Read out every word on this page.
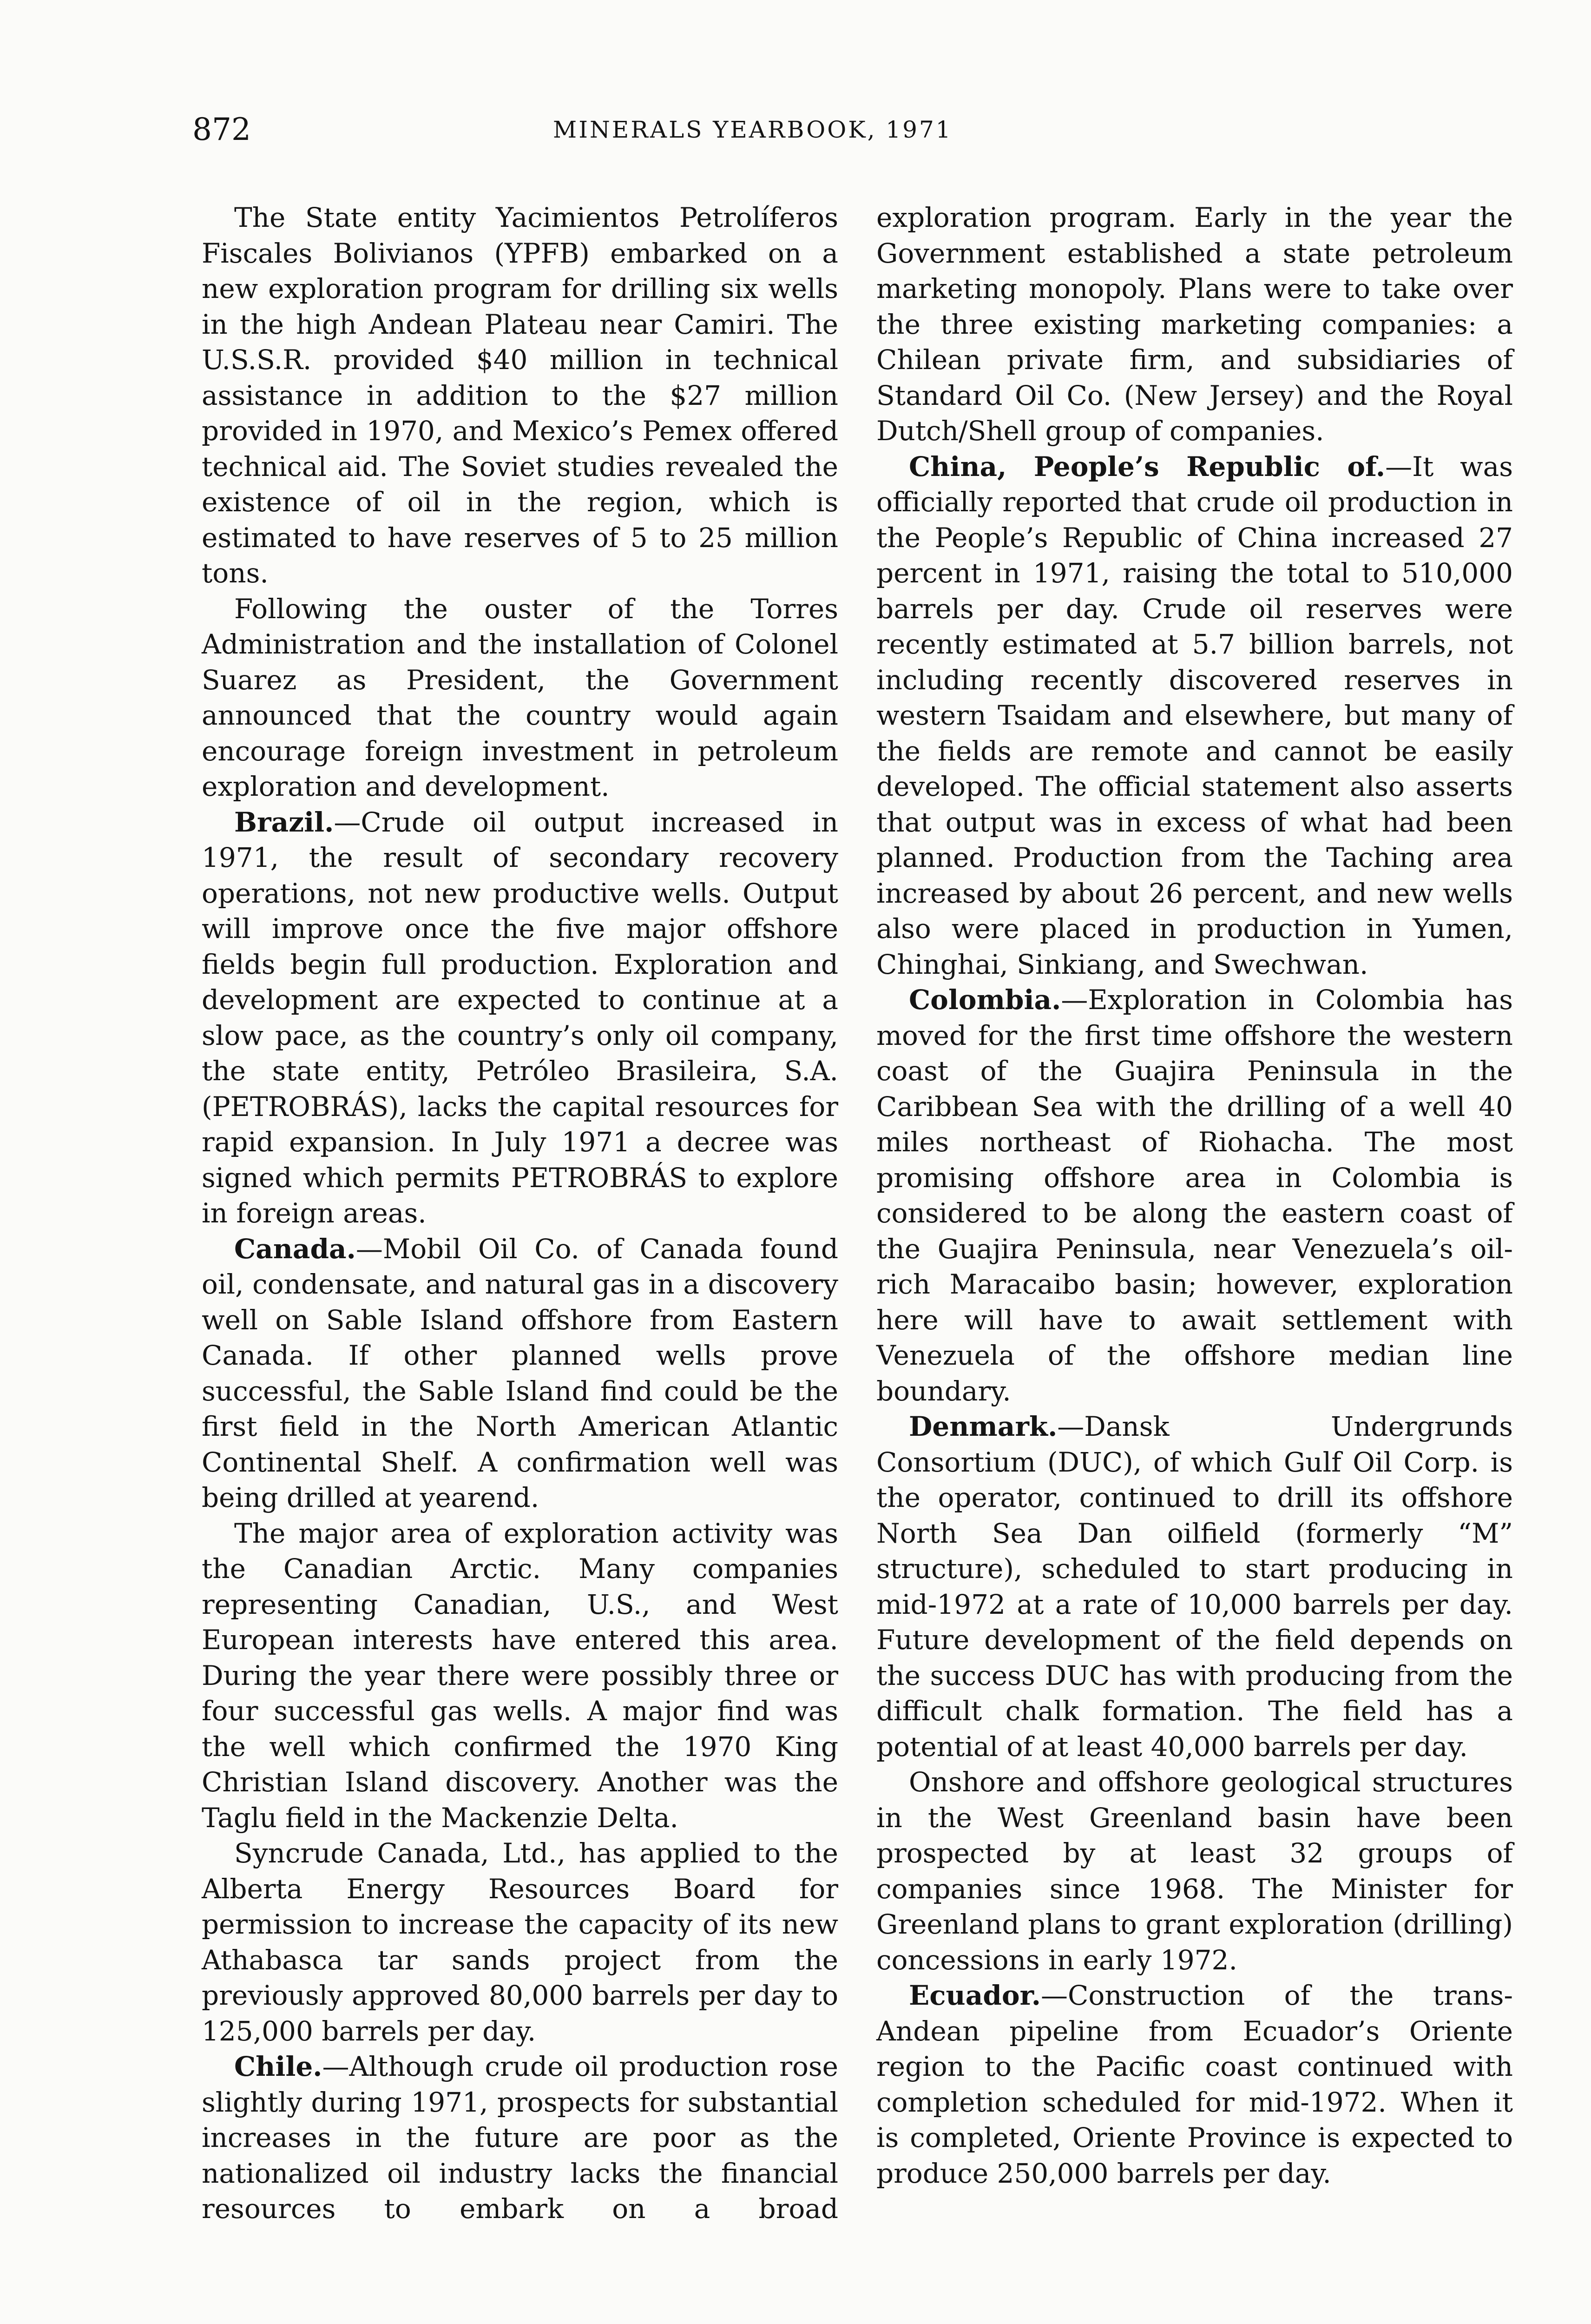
872	MINERALS YEARBOOK, 1971

The State entity Yacimientos Petrolíferos Fiscales Bolivianos (YPFB) embarked on a new exploration program for drilling six wells in the high Andean Plateau near Camiri. The U.S.S.R. provided $40 million in technical assistance in addition to the $27 million provided in 1970, and Mexico’s Pemex offered technical aid. The Soviet studies revealed the existence of oil in the region, which is estimated to have reserves of 5 to 25 million tons.

Following the ouster of the Torres Administration and the installation of Colonel Suarez as President, the Government announced that the country would again encourage foreign investment in petroleum exploration and development.

Brazil.—Crude oil output increased in 1971, the result of secondary recovery operations, not new productive wells. Output will improve once the five major offshore fields begin full production. Exploration and development are expected to continue at a slow pace, as the country’s only oil company, the state entity, Petróleo Brasileira, S.A. (PETROBRÁS), lacks the capital resources for rapid expansion. In July 1971 a decree was signed which permits PETROBRÁS to explore in foreign areas.

Canada.—Mobil Oil Co. of Canada found oil, condensate, and natural gas in a discovery well on Sable Island offshore from Eastern Canada. If other planned wells prove successful, the Sable Island find could be the first field in the North American Atlantic Continental Shelf. A confirmation well was being drilled at yearend.

The major area of exploration activity was the Canadian Arctic. Many companies representing Canadian, U.S., and West European interests have entered this area. During the year there were possibly three or four successful gas wells. A major find was the well which confirmed the 1970 King Christian Island discovery. Another was the Taglu field in the Mackenzie Delta.

Syncrude Canada, Ltd., has applied to the Alberta Energy Resources Board for permission to increase the capacity of its new Athabasca tar sands project from the previously approved 80,000 barrels per day to 125,000 barrels per day.

Chile.—Although crude oil production rose slightly during 1971, prospects for substantial increases in the future are poor as the nationalized oil industry lacks the financial resources to embark on a broad

exploration program. Early in the year the Government established a state petroleum marketing monopoly. Plans were to take over the three existing marketing companies: a Chilean private firm, and subsidiaries of Standard Oil Co. (New Jersey) and the Royal Dutch/Shell group of companies.

China, People’s Republic of.—It was officially reported that crude oil production in the People’s Republic of China increased 27 percent in 1971, raising the total to 510,000 barrels per day. Crude oil reserves were recently estimated at 5.7 billion barrels, not including recently discovered reserves in western Tsaidam and elsewhere, but many of the fields are remote and cannot be easily developed. The official statement also asserts that output was in excess of what had been planned. Production from the Taching area increased by about 26 percent, and new wells also were placed in production in Yumen, Chinghai, Sinkiang, and Swechwan.

Colombia.—Exploration in Colombia has moved for the first time offshore the western coast of the Guajira Peninsula in the Caribbean Sea with the drilling of a well 40 miles northeast of Riohacha. The most promising offshore area in Colombia is considered to be along the eastern coast of the Guajira Peninsula, near Venezuela’s oil-rich Maracaibo basin; however, exploration here will have to await settlement with Venezuela of the offshore median line boundary.

Denmark.—Dansk Undergrunds Consortium (DUC), of which Gulf Oil Corp. is the operator, continued to drill its offshore North Sea Dan oilfield (formerly “M” structure), scheduled to start producing in mid-1972 at a rate of 10,000 barrels per day. Future development of the field depends on the success DUC has with producing from the difficult chalk formation. The field has a potential of at least 40,000 barrels per day.

Onshore and offshore geological structures in the West Greenland basin have been prospected by at least 32 groups of companies since 1968. The Minister for Greenland plans to grant exploration (drilling) concessions in early 1972.

Ecuador.—Construction of the trans-Andean pipeline from Ecuador’s Oriente region to the Pacific coast continued with completion scheduled for mid-1972. When it is completed, Oriente Province is expected to produce 250,000 barrels per day.
